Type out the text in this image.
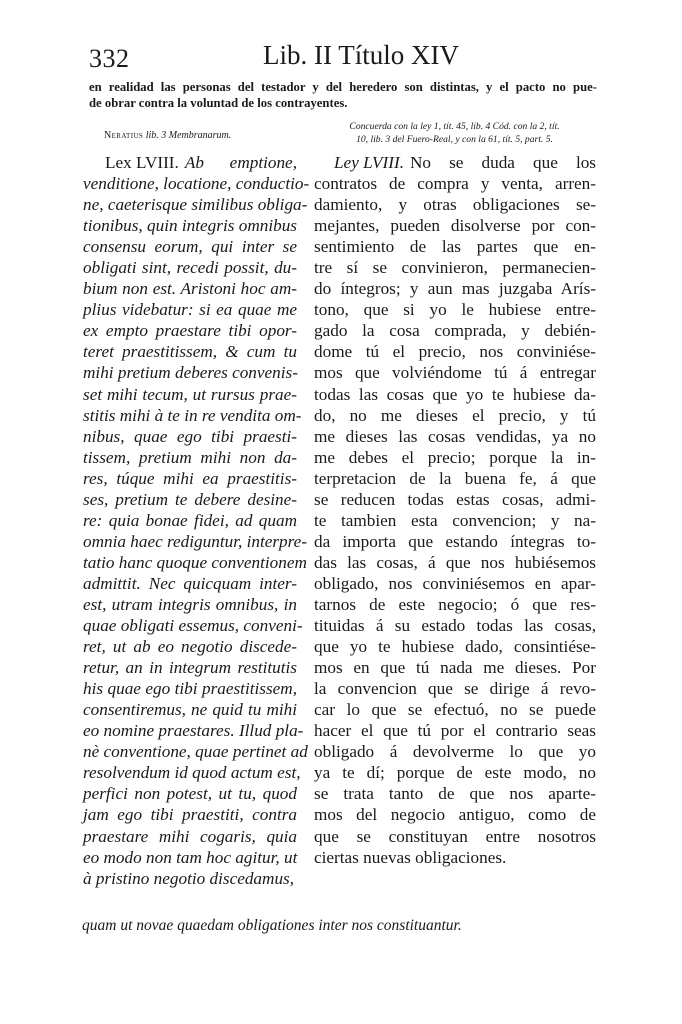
332	Lib. II Título XIV
en realidad las personas del testador y del heredero son distintas, y el pacto no pue-
de obrar contra la voluntad de los contrayentes.
Neratius lib. 3 Membranarum.
Concuerda con la ley 1, tít. 45, lib. 4 Cód. con la 2, tít.
10, lib. 3 del Fuero-Real, y con la 61, tít. 5, part. 5.
Lex LVIII. Ab emptione,
venditione, locatione, conductio-
ne, caeterisque similibus obliga-
tionibus, quin integris omnibus
consensu eorum, qui inter se
obligati sint, recedi possit, du-
bium non est. Aristoni hoc am-
plius videbatur: si ea quae me
ex empto praestare tibi opor-
teret praestitissem, & cum tu
mihi pretium deberes convenis-
set mihi tecum, ut rursus prae-
stitis mihi à te in re vendita om-
nibus, quae ego tibi praesti-
tissem, pretium mihi non da-
res, túque mihi ea praestitis-
ses, pretium te debere desine-
re: quia bonae fidei, ad quam
omnia haec rediguntur, interpre-
tatio hanc quoque conventionem
admittit. Nec quicquam inter-
est, utram integris omnibus, in
quae obligati essemus, conveni-
ret, ut ab eo negotio discede-
retur, an in integrum restitutis
his quae ego tibi praestitissem,
consentiremus, ne quid tu mihi
eo nomine praestares. Illud pla-
nè conventione, quae pertinet ad
resolvendum id quod actum est,
perfici non potest, ut tu, quod
jam ego tibi praestiti, contra
praestare mihi cogaris, quia
eo modo non tam hoc agitur, ut
à pristino negotio discedamus,
Ley LVIII. No se duda que los
contratos de compra y venta, arren-
damiento, y otras obligaciones se-
mejantes, pueden disolverse por con-
sentimiento de las partes que en-
tre sí se convinieron, permanecien-
do íntegros; y aun mas juzgaba Arís-
tono, que si yo le hubiese entre-
gado la cosa comprada, y debién-
dome tú el precio, nos conviniése-
mos que volviéndome tú á entregar
todas las cosas que yo te hubiese da-
do, no me dieses el precio, y tú
me dieses las cosas vendidas, ya no
me debes el precio; porque la in-
terpretacion de la buena fe, á que
se reducen todas estas cosas, admi-
te tambien esta convencion; y na-
da importa que estando íntegras to-
das las cosas, á que nos hubiésemos
obligado, nos conviniésemos en apar-
tarnos de este negocio; ó que res-
tituidas á su estado todas las cosas,
que yo te hubiese dado, consintiése-
mos en que tú nada me dieses. Por
la convencion que se dirige á revo-
car lo que se efectuó, no se puede
hacer el que tú por el contrario seas
obligado á devolverme lo que yo
ya te dí; porque de este modo, no
se trata tanto de que nos aparte-
mos del negocio antiguo, como de
que se constituyan entre nosotros
ciertas nuevas obligaciones.
quam ut novae quaedam obligationes inter nos constituantur.
